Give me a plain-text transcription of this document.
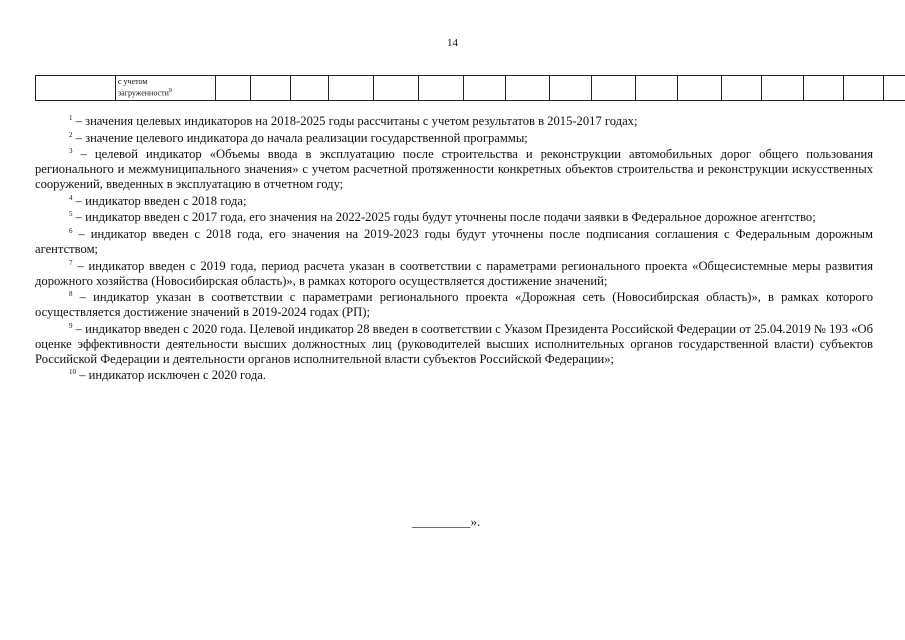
14
	с учетом
загруженности$^9$																	

$^1$ – значения целевых индикаторов на 2018-2025 годы рассчитаны с учетом результатов в 2015-2017 годах;

$^2$ – значение целевого индикатора до начала реализации государственной программы;

$^3$ – целевой индикатор «Объемы ввода в эксплуатацию после строительства и реконструкции автомобильных дорог общего пользования регионального и межмуниципального значения» с учетом расчетной протяженности конкретных объектов строительства и реконструкции искусственных сооружений, введенных в эксплуатацию в отчетном году;

$^4$ – индикатор введен с 2018 года;

$^5$ – индикатор введен с 2017 года, его значения на 2022-2025 годы будут уточнены после подачи заявки в Федеральное дорожное агентство;

$^6$ – индикатор введен с 2018 года, его значения на 2019-2023 годы будут уточнены после подписания соглашения с Федеральным дорожным агентством;

$^7$ – индикатор введен с 2019 года, период расчета указан в соответствии с параметрами регионального проекта «Общесистемные меры развития дорожного хозяйства (Новосибирская область)», в рамках которого осуществляется достижение значений;

$^8$ – индикатор указан в соответствии с параметрами регионального проекта «Дорожная сеть (Новосибирская область)», в рамках которого осуществляется достижение значений в 2019-2024 годах (РП);

$^9$ – индикатор введен с 2020 года. Целевой индикатор 28 введен в соответствии с Указом Президента Российской Федерации от 25.04.2019 № 193 «Об оценке эффективности деятельности высших должностных лиц (руководителей высших исполнительных органов государственной власти) субъектов Российской Федерации и деятельности органов исполнительной власти субъектов Российской Федерации»;

$^{10}$ – индикатор исключен с 2020 года.

_________».
